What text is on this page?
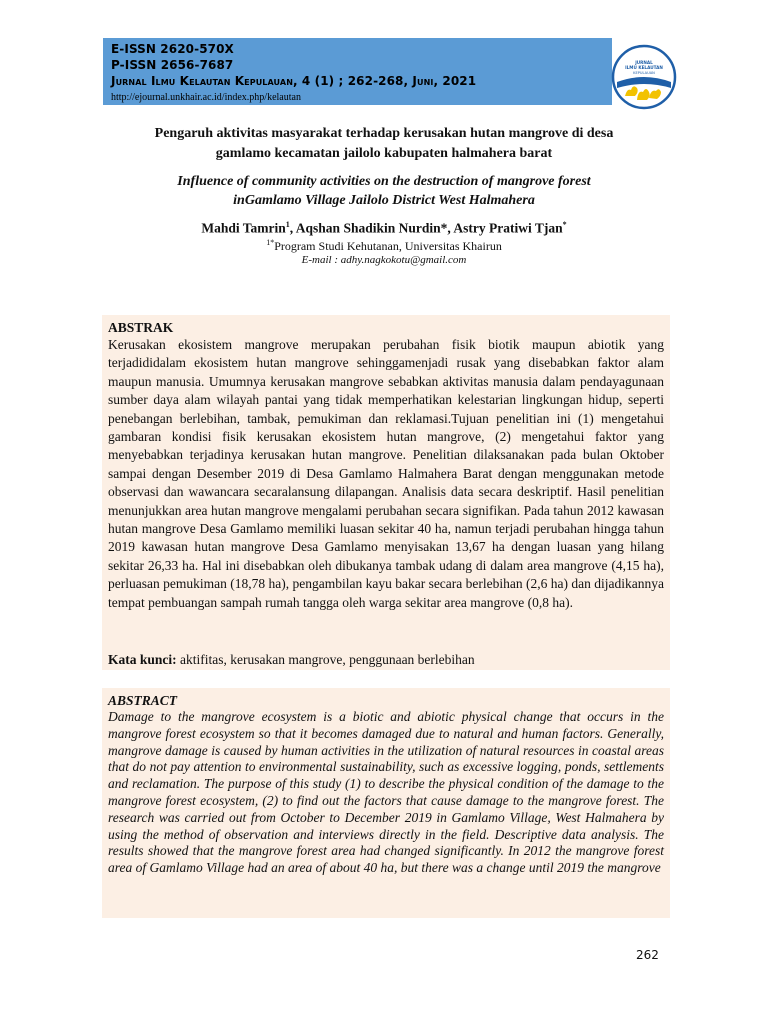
E-ISSN 2620-570X
P-ISSN 2656-7687
Jurnal Ilmu Kelautan Kepulauan, 4 (1) ; 262-268, Juni, 2021
http://ejournal.unkhair.ac.id/index.php/kelautan
JURNAL
ILMU KELAUTAN
KEPULAUAN
Pengaruh aktivitas masyarakat terhadap kerusakan hutan mangrove di desa
gamlamo kecamatan jailolo kabupaten halmahera barat
Influence of community activities on the destruction of mangrove forest
inGamlamo Village Jailolo District West Halmahera
Mahdi Tamrin$^1$, Aqshan Shadikin Nurdin*, Astry Pratiwi Tjan*
$^{1*}$Program Studi Kehutanan, Universitas Khairun
E-mail : adhy.nagkokotu@gmail.com
ABSTRAK
Kerusakan ekosistem mangrove merupakan perubahan fisik biotik maupun abiotik yang terjadididalam ekosistem hutan mangrove sehinggamenjadi rusak yang disebabkan faktor alam maupun manusia. Umumnya kerusakan mangrove sebabkan aktivitas manusia dalam pendayagunaan sumber daya alam wilayah pantai yang tidak memperhatikan kelestarian lingkungan hidup, seperti penebangan berlebihan, tambak, pemukiman dan reklamasi.Tujuan penelitian ini (1) mengetahui gambaran kondisi fisik kerusakan ekosistem hutan mangrove, (2) mengetahui faktor yang menyebabkan terjadinya kerusakan hutan mangrove. Penelitian dilaksanakan pada bulan Oktober sampai dengan Desember 2019 di Desa Gamlamo Halmahera Barat dengan menggunakan metode observasi dan wawancara secaralansung dilapangan. Analisis data secara deskriptif. Hasil penelitian menunjukkan area hutan mangrove mengalami perubahan secara signifikan. Pada tahun 2012 kawasan hutan mangrove Desa Gamlamo memiliki luasan sekitar 40 ha, namun terjadi perubahan hingga tahun 2019 kawasan hutan mangrove Desa Gamlamo menyisakan 13,67 ha dengan luasan yang hilang sekitar 26,33 ha. Hal ini disebabkan oleh dibukanya tambak udang di dalam area mangrove (4,15 ha), perluasan pemukiman (18,78 ha), pengambilan kayu bakar secara berlebihan (2,6 ha) dan dijadikannya tempat pembuangan sampah rumah tangga oleh warga sekitar area mangrove (0,8 ha).
Kata kunci: aktifitas, kerusakan mangrove, penggunaan berlebihan
ABSTRACT
Damage to the mangrove ecosystem is a biotic and abiotic physical change that occurs in the mangrove forest ecosystem so that it becomes damaged due to natural and human factors. Generally, mangrove damage is caused by human activities in the utilization of natural resources in coastal areas that do not pay attention to environmental sustainability, such as excessive logging, ponds, settlements and reclamation. The purpose of this study (1) to describe the physical condition of the damage to the mangrove forest ecosystem, (2) to find out the factors that cause damage to the mangrove forest. The research was carried out from October to December 2019 in Gamlamo Village, West Halmahera by using the method of observation and interviews directly in the field. Descriptive data analysis. The results showed that the mangrove forest area had changed significantly. In 2012 the mangrove forest area of Gamlamo Village had an area of about 40 ha, but there was a change until 2019 the mangrove
262
